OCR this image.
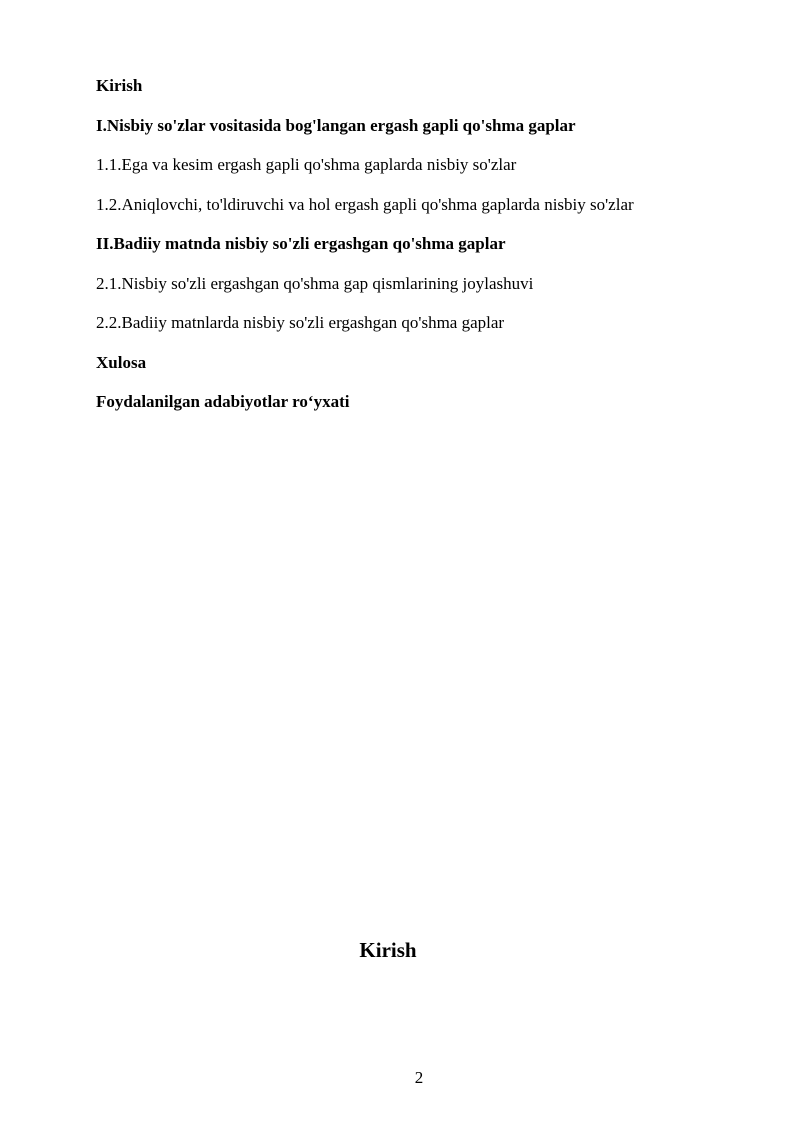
Kirish
I.Nisbiy so'zlar vositasida bog'langan ergash gapli qo'shma gaplar
1.1.Ega va kesim ergash gapli qo'shma gaplarda nisbiy so'zlar
1.2.Aniqlovchi, to'ldiruvchi va hol ergash gapli qo'shma gaplarda nisbiy so'zlar
II.Badiiy matnda nisbiy so'zli ergashgan qo'shma gaplar
2.1.Nisbiy so'zli ergashgan qo'shma gap qismlarining joylashuvi
2.2.Badiiy matnlarda nisbiy so'zli ergashgan qo'shma gaplar
Xulosa
Foydalanilgan adabiyotlar ro‘yxati
Kirish
2
